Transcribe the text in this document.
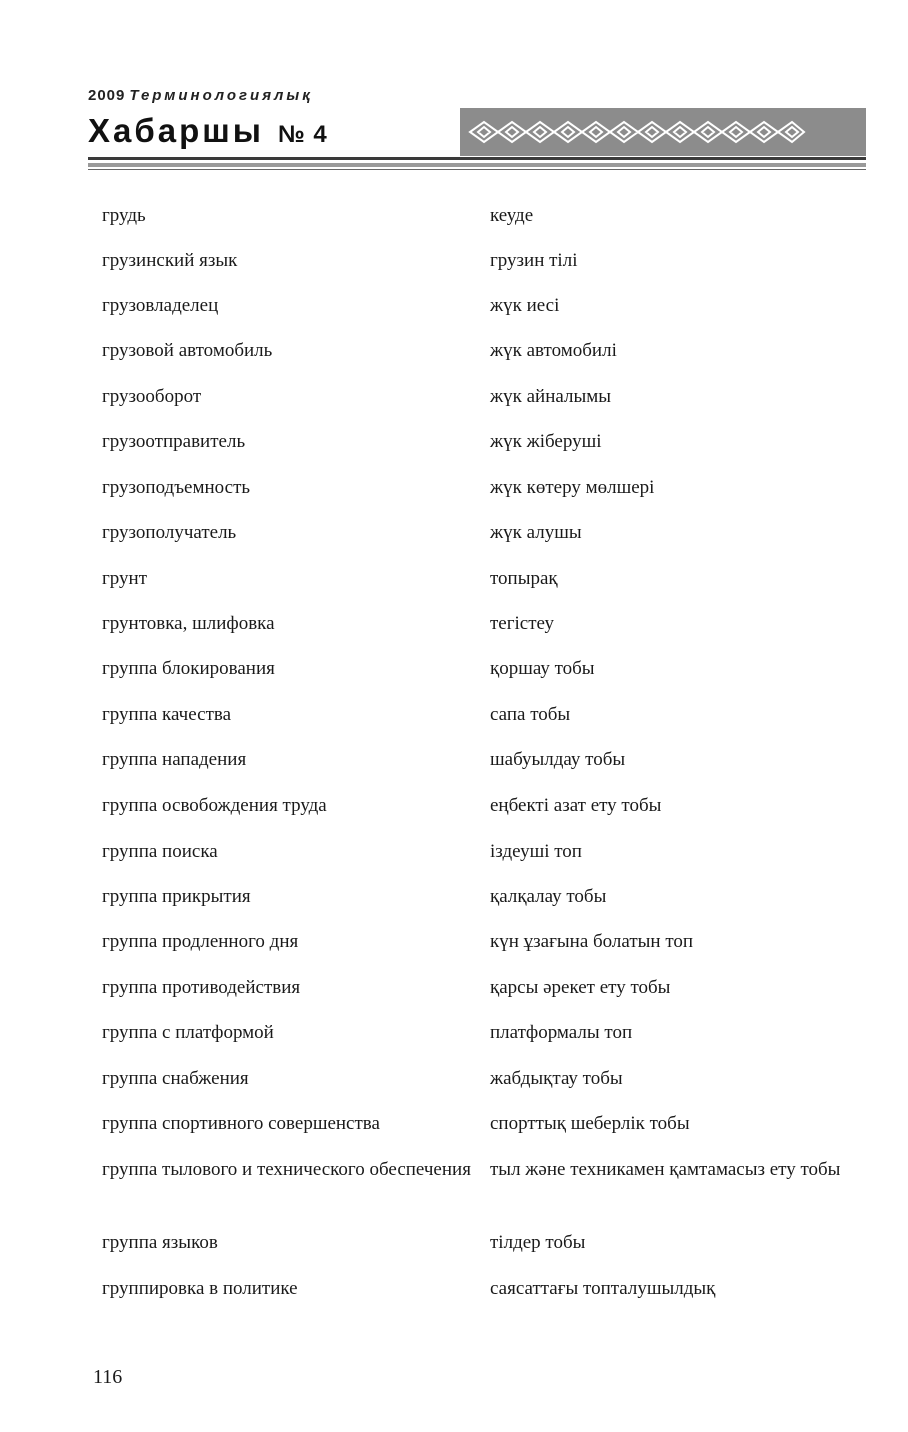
2009 Терминологиялық
Хабаршы № 4
грудь	кеуде
грузинский язык	грузин тілі
грузовладелец	жүк иесі
грузовой автомобиль	жүк автомобилі
грузооборот	жүк айналымы
грузоотправитель	жүк жіберуші
грузоподъемность	жүк көтеру мөлшері
грузополучатель	жүк алушы
грунт	топырақ
грунтовка, шлифовка	тегістеу
группа блокирования	қоршау тобы
группа качества	сапа тобы
группа нападения	шабуылдау тобы
группа освобождения труда	еңбекті азат ету тобы
группа поиска	іздеуші топ
группа прикрытия	қалқалау тобы
группа продленного дня	күн ұзағына болатын топ
группа противодействия	қарсы әрекет ету тобы
группа с платформой	платформалы топ
группа снабжения	жабдықтау тобы
группа спортивного совершенства	спорттық шеберлік тобы
группа тылового и технического обеспечения	тыл және техникамен қамтамасыз ету тобы
группа языков	тілдер тобы
группировка в политике	саясаттағы топталушылдық
116
